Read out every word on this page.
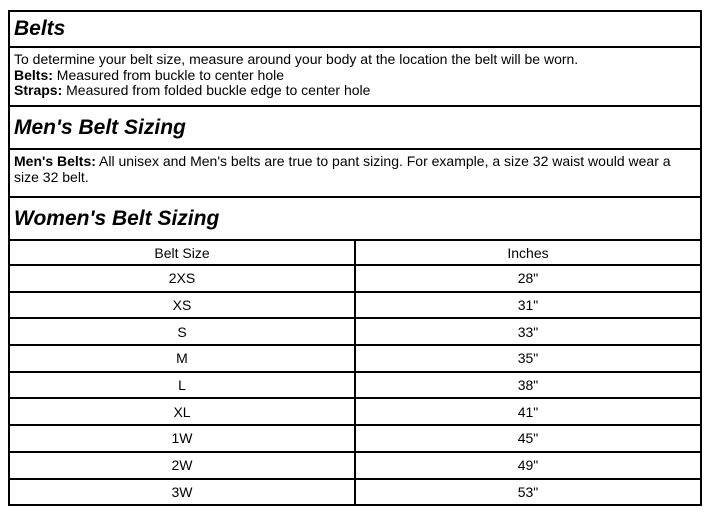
Belts

To determine your belt size, measure around your body at the location the belt will be worn.

Belts: Measured from buckle to center hole

Straps: Measured from folded buckle edge to center hole

Men's Belt Sizing

Men's Belts: All unisex and Men's belts are true to pant sizing. For example, a size 32 waist would wear a size 32 belt.

Women's Belt Sizing
Belt Size	Inches
2XS	28"
XS	31"
S	33"
M	35"
L	38"
XL	41"
1W	45"
2W	49"
3W	53"
